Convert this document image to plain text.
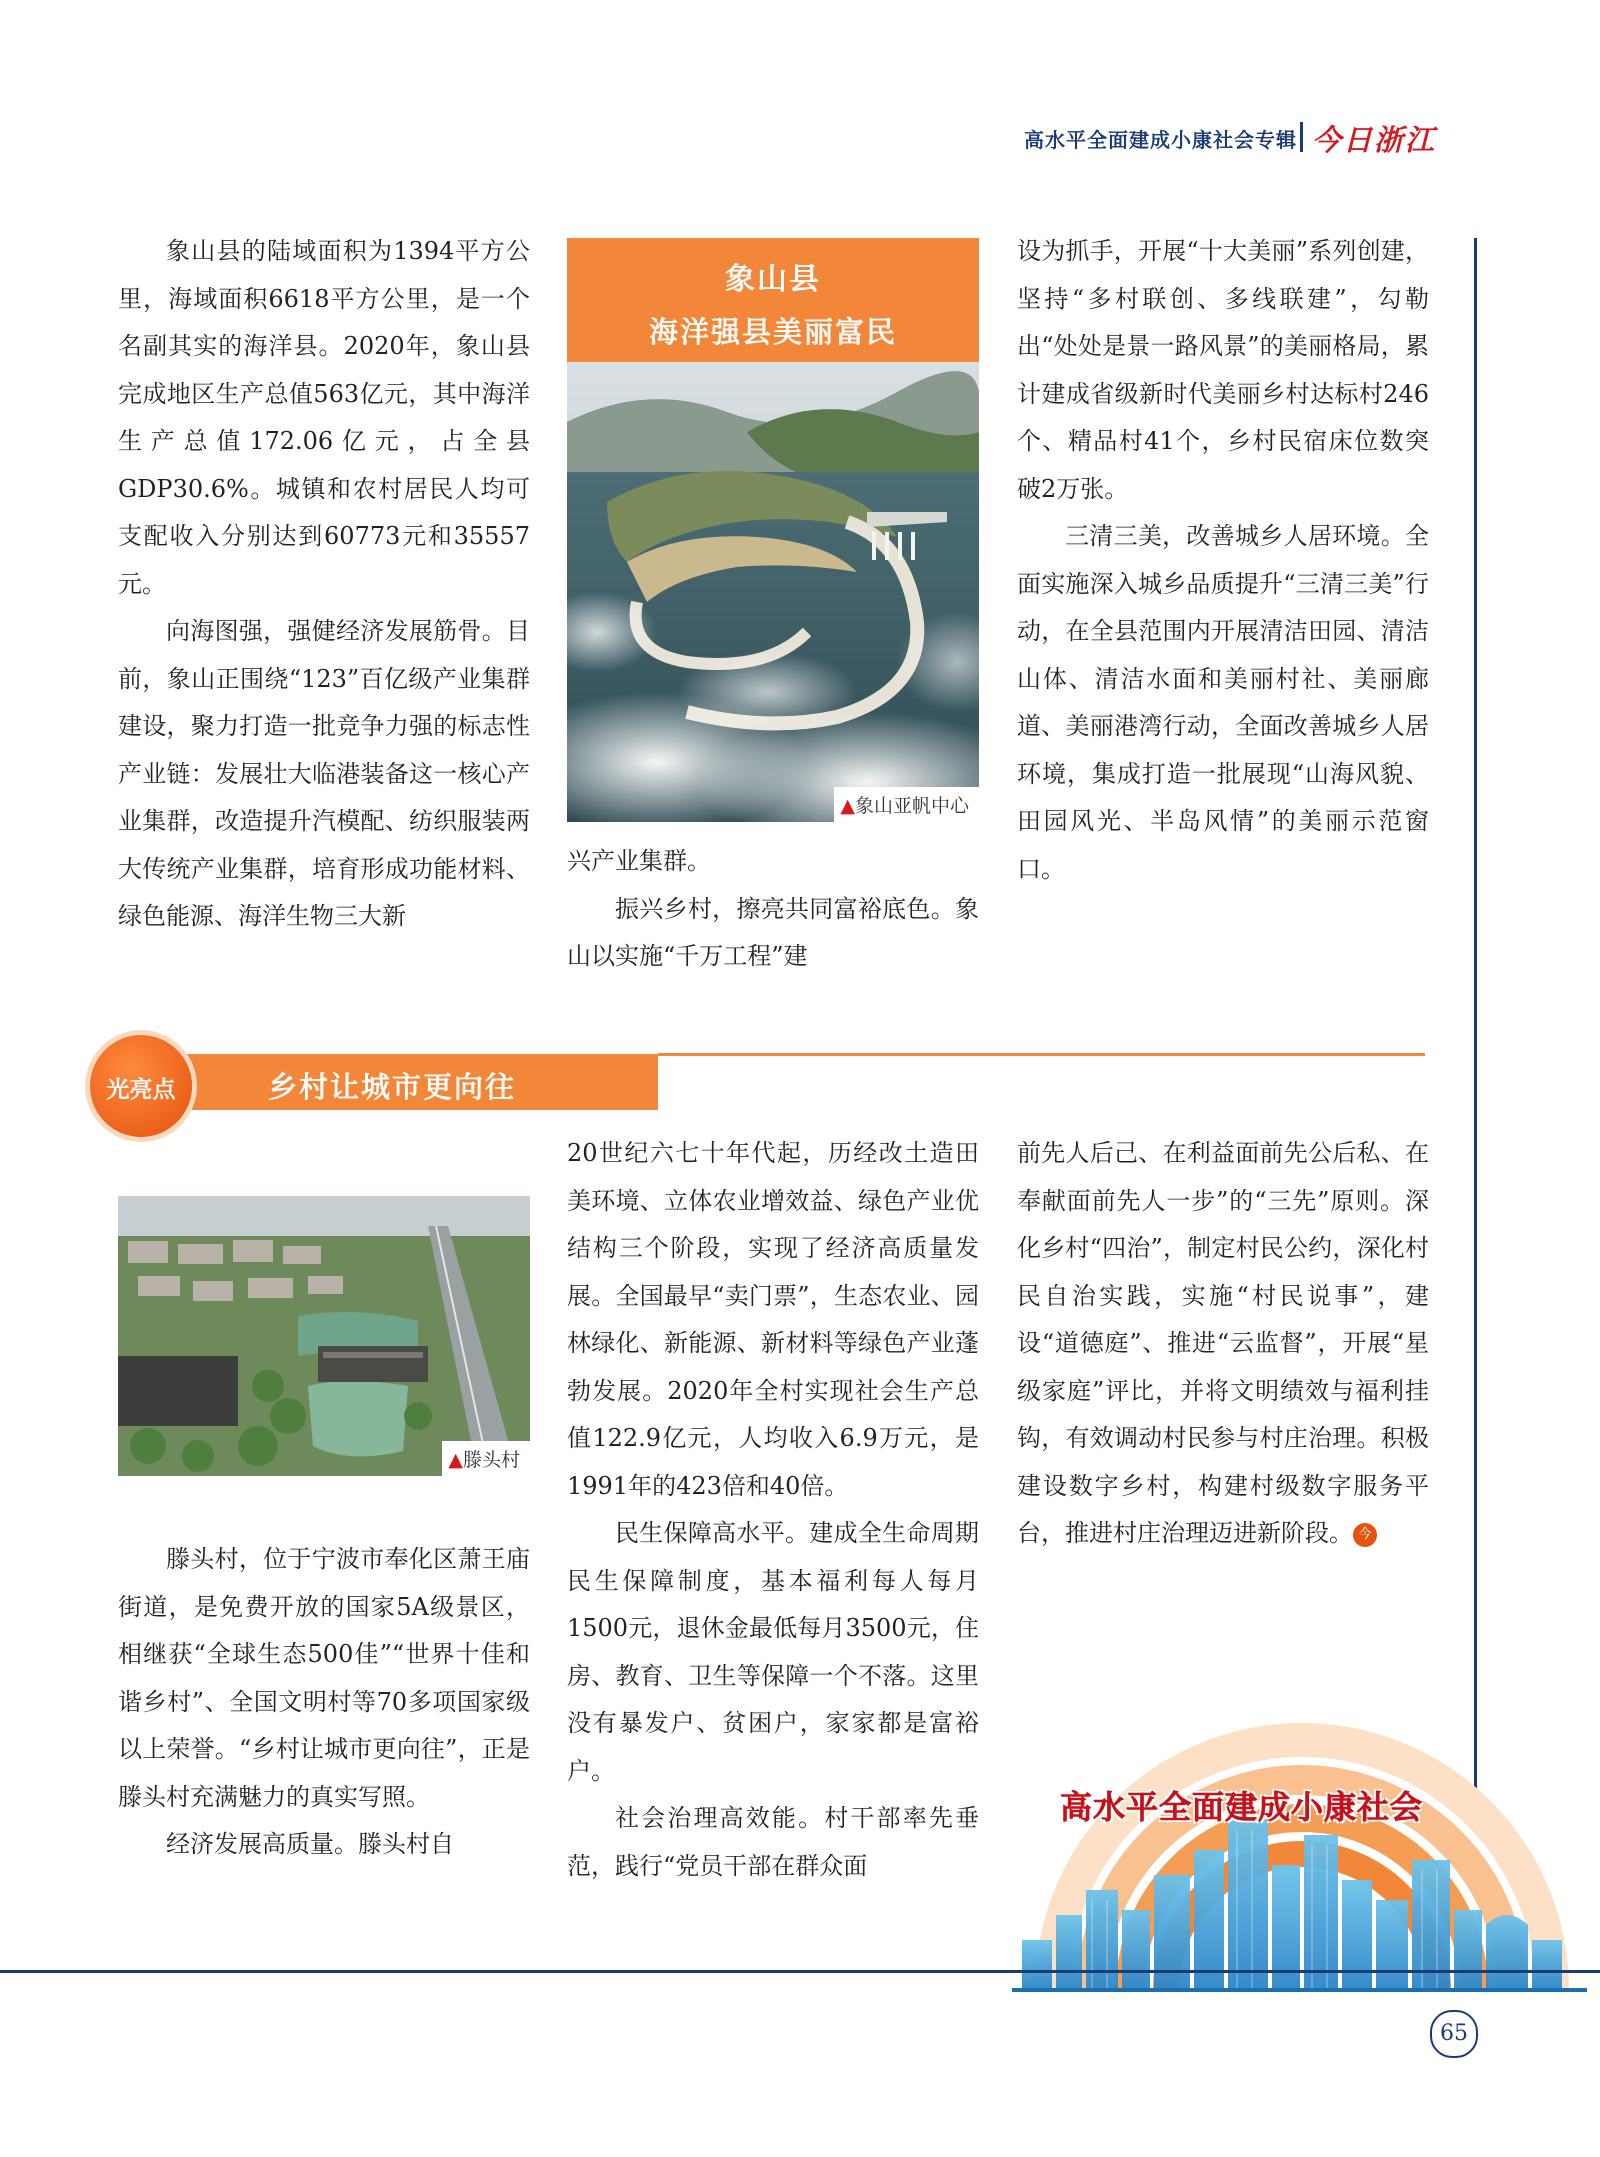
高水平全面建成小康社会专辑 今日浙江

象山县的陆域面积为1394平方公里，海域面积6618平方公里，是一个名副其实的海洋县。2020年，象山县完成地区生产总值563亿元，其中海洋生产总值172.06亿元，占全县GDP30.6%。城镇和农村居民人均可支配收入分别达到60773元和35557元。

向海图强，强健经济发展筋骨。目前，象山正围绕“123”百亿级产业集群建设，聚力打造一批竞争力强的标志性产业链：发展壮大临港装备这一核心产业集群，改造提升汽模配、纺织服装两大传统产业集群，培育形成功能材料、绿色能源、海洋生物三大新

象山县
海洋强县美丽富民
▲象山亚帆中心

兴产业集群。

振兴乡村，擦亮共同富裕底色。象山以实施“千万工程”建

设为抓手，开展“十大美丽”系列创建，坚持“多村联创、多线联建”，勾勒出“处处是景一路风景”的美丽格局，累计建成省级新时代美丽乡村达标村246个、精品村41个，乡村民宿床位数突破2万张。

三清三美，改善城乡人居环境。全面实施深入城乡品质提升“三清三美”行动，在全县范围内开展清洁田园、清洁山体、清洁水面和美丽村社、美丽廊道、美丽港湾行动，全面改善城乡人居环境，集成打造一批展现“山海风貌、田园风光、半岛风情”的美丽示范窗口。

乡村让城市更向往
光亮点
▲滕头村

滕头村，位于宁波市奉化区萧王庙街道，是免费开放的国家5A级景区，相继获“全球生态500佳”“世界十佳和谐乡村”、全国文明村等70多项国家级以上荣誉。“乡村让城市更向往”，正是滕头村充满魅力的真实写照。

经济发展高质量。滕头村自

20世纪六七十年代起，历经改土造田美环境、立体农业增效益、绿色产业优结构三个阶段，实现了经济高质量发展。全国最早“卖门票”，生态农业、园林绿化、新能源、新材料等绿色产业蓬勃发展。2020年全村实现社会生产总值122.9亿元，人均收入6.9万元，是1991年的423倍和40倍。

民生保障高水平。建成全生命周期民生保障制度，基本福利每人每月1500元，退休金最低每月3500元，住房、教育、卫生等保障一个不落。这里没有暴发户、贫困户，家家都是富裕户。

社会治理高效能。村干部率先垂范，践行“党员干部在群众面

前先人后己、在利益面前先公后私、在奉献面前先人一步”的“三先”原则。深化乡村“四治”，制定村民公约，深化村民自治实践，实施“村民说事”，建设“道德庭”、推进“云监督”，开展“星级家庭”评比，并将文明绩效与福利挂钩，有效调动村民参与村庄治理。积极建设数字乡村，构建村级数字服务平台，推进村庄治理迈进新阶段。 今

高水平全面建成小康社会
65
